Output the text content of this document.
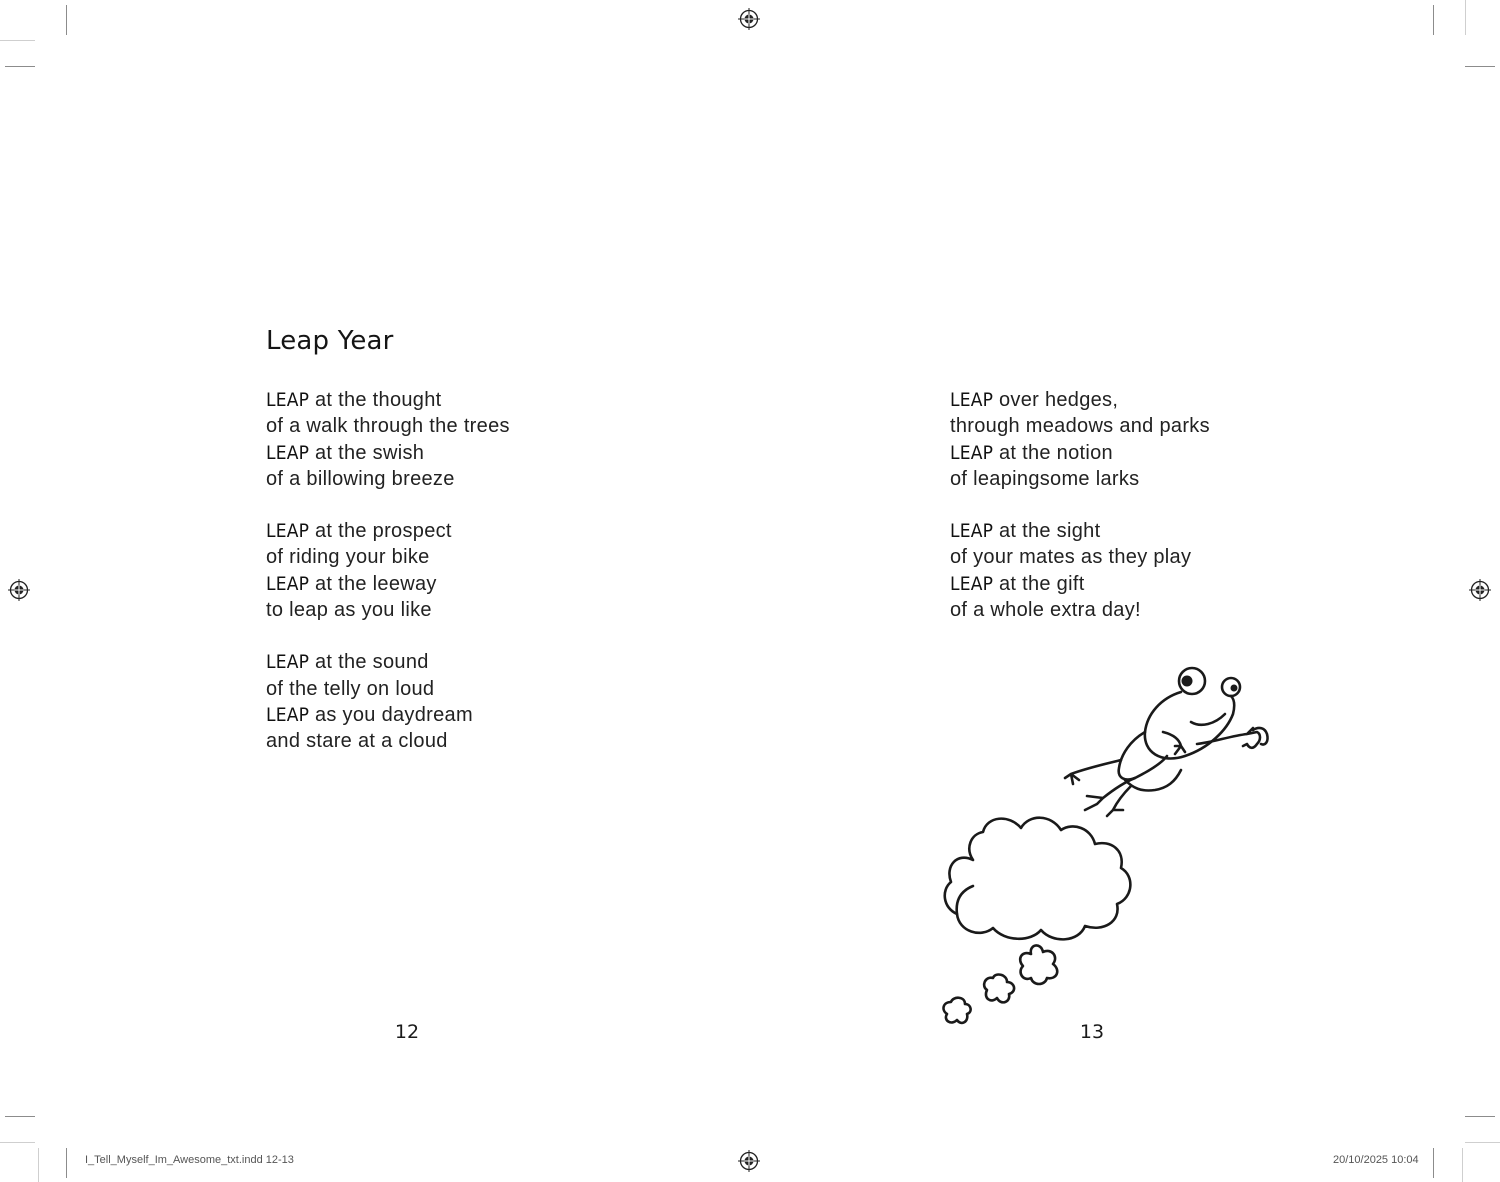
Leap Year
LEAP at the thought
of a walk through the trees
LEAP at the swish
of a billowing breeze
LEAP at the prospect
of riding your bike
LEAP at the leeway
to leap as you like
LEAP at the sound
of the telly on loud
LEAP as you daydream
and stare at a cloud
12
LEAP over hedges,
through meadows and parks
LEAP at the notion
of leapingsome larks
LEAP at the sight
of your mates as they play
LEAP at the gift
of a whole extra day!
13
I_Tell_Myself_Im_Awesome_txt.indd 12-13	20/10/2025 10:04
